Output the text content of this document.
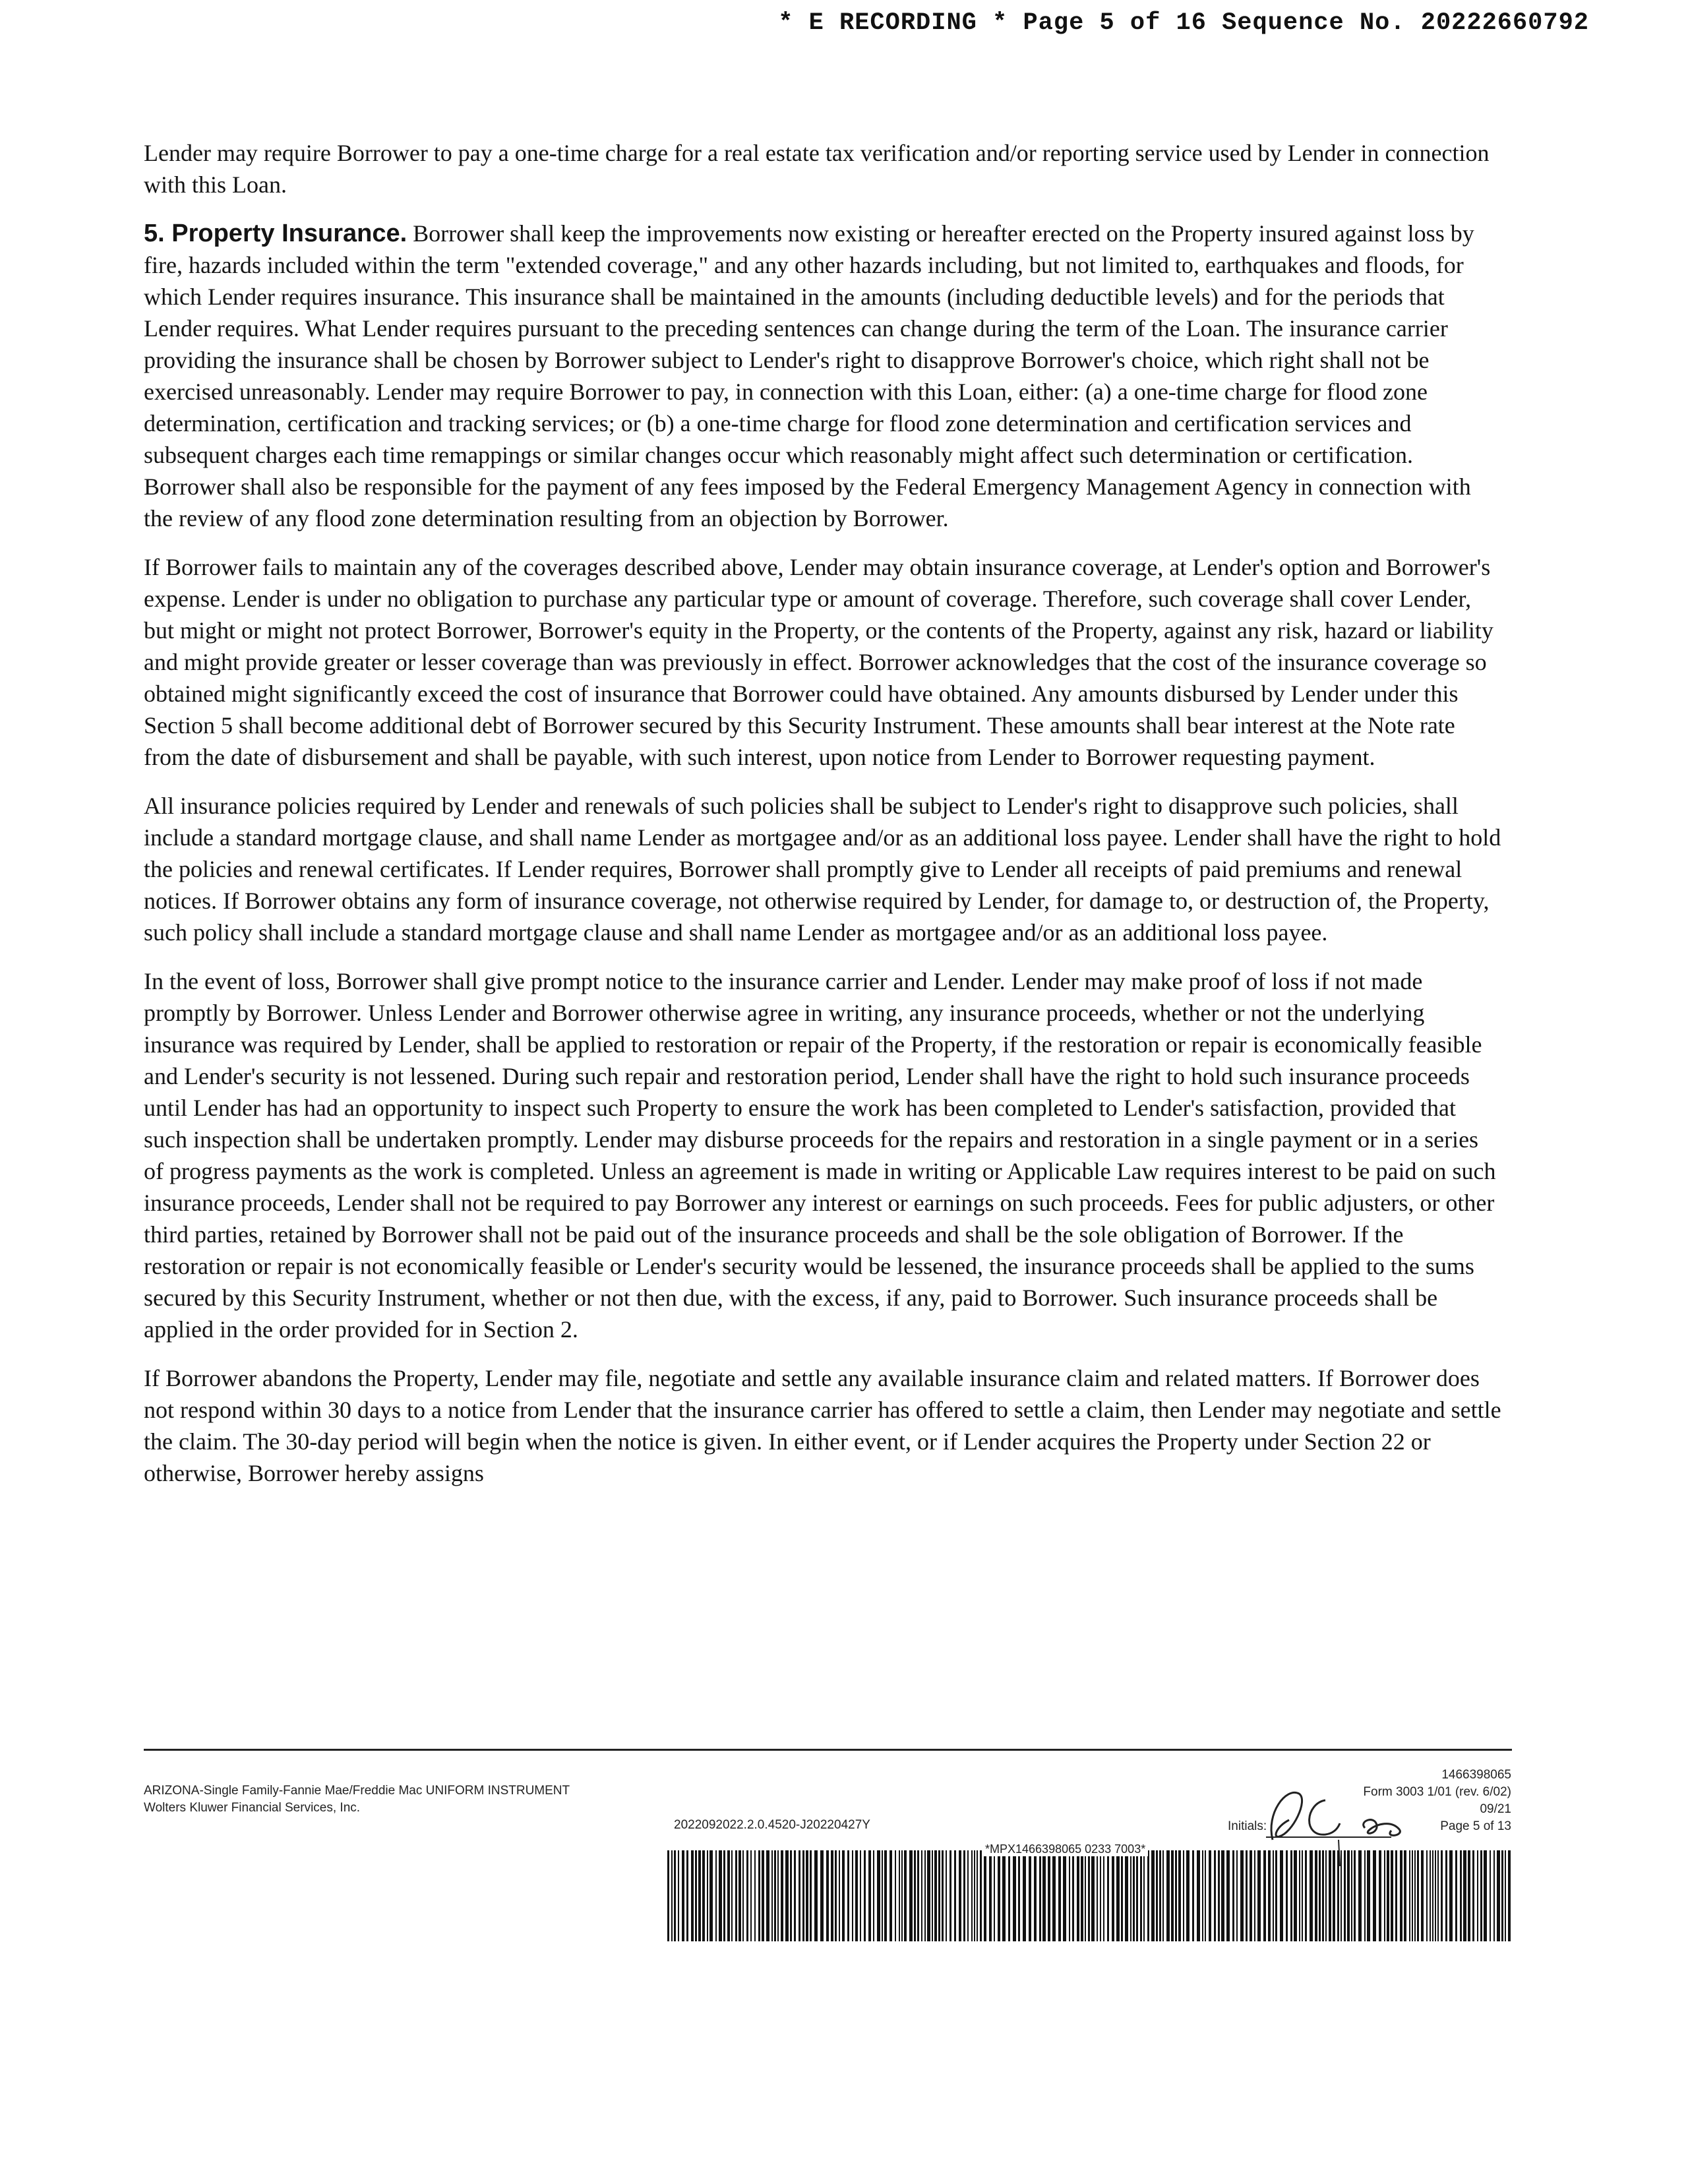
* E RECORDING * Page 5 of 16 Sequence No. 20222660792

Lender may require Borrower to pay a one-time charge for a real estate tax verification and/or reporting service used by Lender in connection with this Loan.

5. Property Insurance. Borrower shall keep the improvements now existing or hereafter erected on the Property insured against loss by fire, hazards included within the term "extended coverage," and any other hazards including, but not limited to, earthquakes and floods, for which Lender requires insurance. This insurance shall be maintained in the amounts (including deductible levels) and for the periods that Lender requires. What Lender requires pursuant to the preceding sentences can change during the term of the Loan. The insurance carrier providing the insurance shall be chosen by Borrower subject to Lender's right to disapprove Borrower's choice, which right shall not be exercised unreasonably. Lender may require Borrower to pay, in connection with this Loan, either: (a) a one-time charge for flood zone determination, certification and tracking services; or (b) a one-time charge for flood zone determination and certification services and subsequent charges each time remappings or similar changes occur which reasonably might affect such determination or certification. Borrower shall also be responsible for the payment of any fees imposed by the Federal Emergency Management Agency in connection with the review of any flood zone determination resulting from an objection by Borrower.

If Borrower fails to maintain any of the coverages described above, Lender may obtain insurance coverage, at Lender's option and Borrower's expense. Lender is under no obligation to purchase any particular type or amount of coverage. Therefore, such coverage shall cover Lender, but might or might not protect Borrower, Borrower's equity in the Property, or the contents of the Property, against any risk, hazard or liability and might provide greater or lesser coverage than was previously in effect. Borrower acknowledges that the cost of the insurance coverage so obtained might significantly exceed the cost of insurance that Borrower could have obtained. Any amounts disbursed by Lender under this Section 5 shall become additional debt of Borrower secured by this Security Instrument. These amounts shall bear interest at the Note rate from the date of disbursement and shall be payable, with such interest, upon notice from Lender to Borrower requesting payment.

All insurance policies required by Lender and renewals of such policies shall be subject to Lender's right to disapprove such policies, shall include a standard mortgage clause, and shall name Lender as mortgagee and/or as an additional loss payee. Lender shall have the right to hold the policies and renewal certificates. If Lender requires, Borrower shall promptly give to Lender all receipts of paid premiums and renewal notices. If Borrower obtains any form of insurance coverage, not otherwise required by Lender, for damage to, or destruction of, the Property, such policy shall include a standard mortgage clause and shall name Lender as mortgagee and/or as an additional loss payee.

In the event of loss, Borrower shall give prompt notice to the insurance carrier and Lender. Lender may make proof of loss if not made promptly by Borrower. Unless Lender and Borrower otherwise agree in writing, any insurance proceeds, whether or not the underlying insurance was required by Lender, shall be applied to restoration or repair of the Property, if the restoration or repair is economically feasible and Lender's security is not lessened. During such repair and restoration period, Lender shall have the right to hold such insurance proceeds until Lender has had an opportunity to inspect such Property to ensure the work has been completed to Lender's satisfaction, provided that such inspection shall be undertaken promptly. Lender may disburse proceeds for the repairs and restoration in a single payment or in a series of progress payments as the work is completed. Unless an agreement is made in writing or Applicable Law requires interest to be paid on such insurance proceeds, Lender shall not be required to pay Borrower any interest or earnings on such proceeds. Fees for public adjusters, or other third parties, retained by Borrower shall not be paid out of the insurance proceeds and shall be the sole obligation of Borrower. If the restoration or repair is not economically feasible or Lender's security would be lessened, the insurance proceeds shall be applied to the sums secured by this Security Instrument, whether or not then due, with the excess, if any, paid to Borrower. Such insurance proceeds shall be applied in the order provided for in Section 2.

If Borrower abandons the Property, Lender may file, negotiate and settle any available insurance claim and related matters. If Borrower does not respond within 30 days to a notice from Lender that the insurance carrier has offered to settle a claim, then Lender may negotiate and settle the claim. The 30-day period will begin when the notice is given. In either event, or if Lender acquires the Property under Section 22 or otherwise, Borrower hereby assigns

ARIZONA-Single Family-Fannie Mae/Freddie Mac UNIFORM INSTRUMENT
Wolters Kluwer Financial Services, Inc.
2022092022.2.0.4520-J20220427Y
1466398065
Form 3003 1/01 (rev. 6/02)
09/21
Initials:	Page 5 of 13
*MPX1466398065 0233 7003*
